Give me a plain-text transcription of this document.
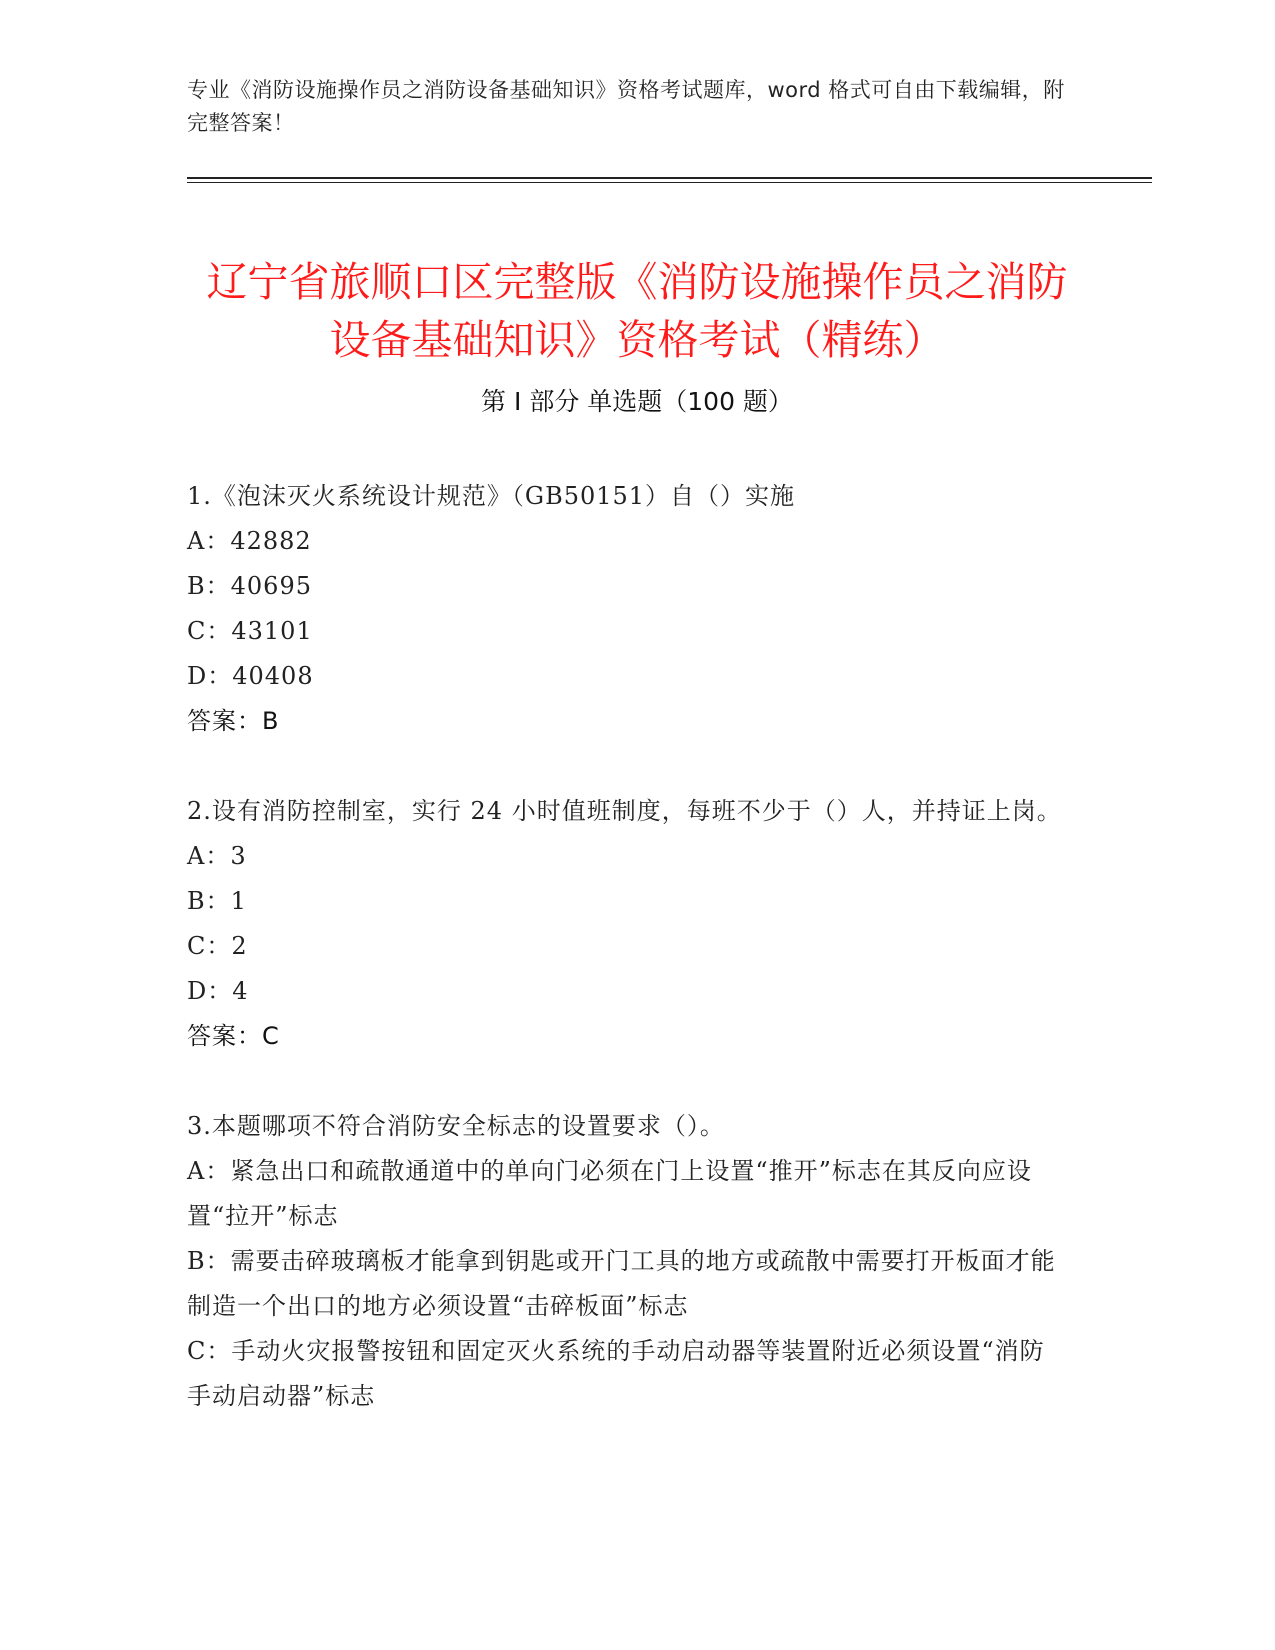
专业《消防设施操作员之消防设备基础知识》资格考试题库，word 格式可自由下载编辑，附完整答案！
辽宁省旅顺口区完整版《消防设施操作员之消防设备基础知识》资格考试（精练）
第 I 部分 单选题（100 题）

1.《泡沫灭火系统设计规范》（GB50151）自（）实施

A：42882

B：40695

C：43101

D：40408

答案：B

2.设有消防控制室，实行 24 小时值班制度，每班不少于（）人，并持证上岗。

A：3

B：1

C：2

D：4

答案：C

3.本题哪项不符合消防安全标志的设置要求（）。

A：紧急出口和疏散通道中的单向门必须在门上设置“推开”标志在其反向应设置“拉开”标志

B：需要击碎玻璃板才能拿到钥匙或开门工具的地方或疏散中需要打开板面才能制造一个出口的地方必须设置“击碎板面”标志

C：手动火灾报警按钮和固定灭火系统的手动启动器等装置附近必须设置“消防手动启动器”标志
